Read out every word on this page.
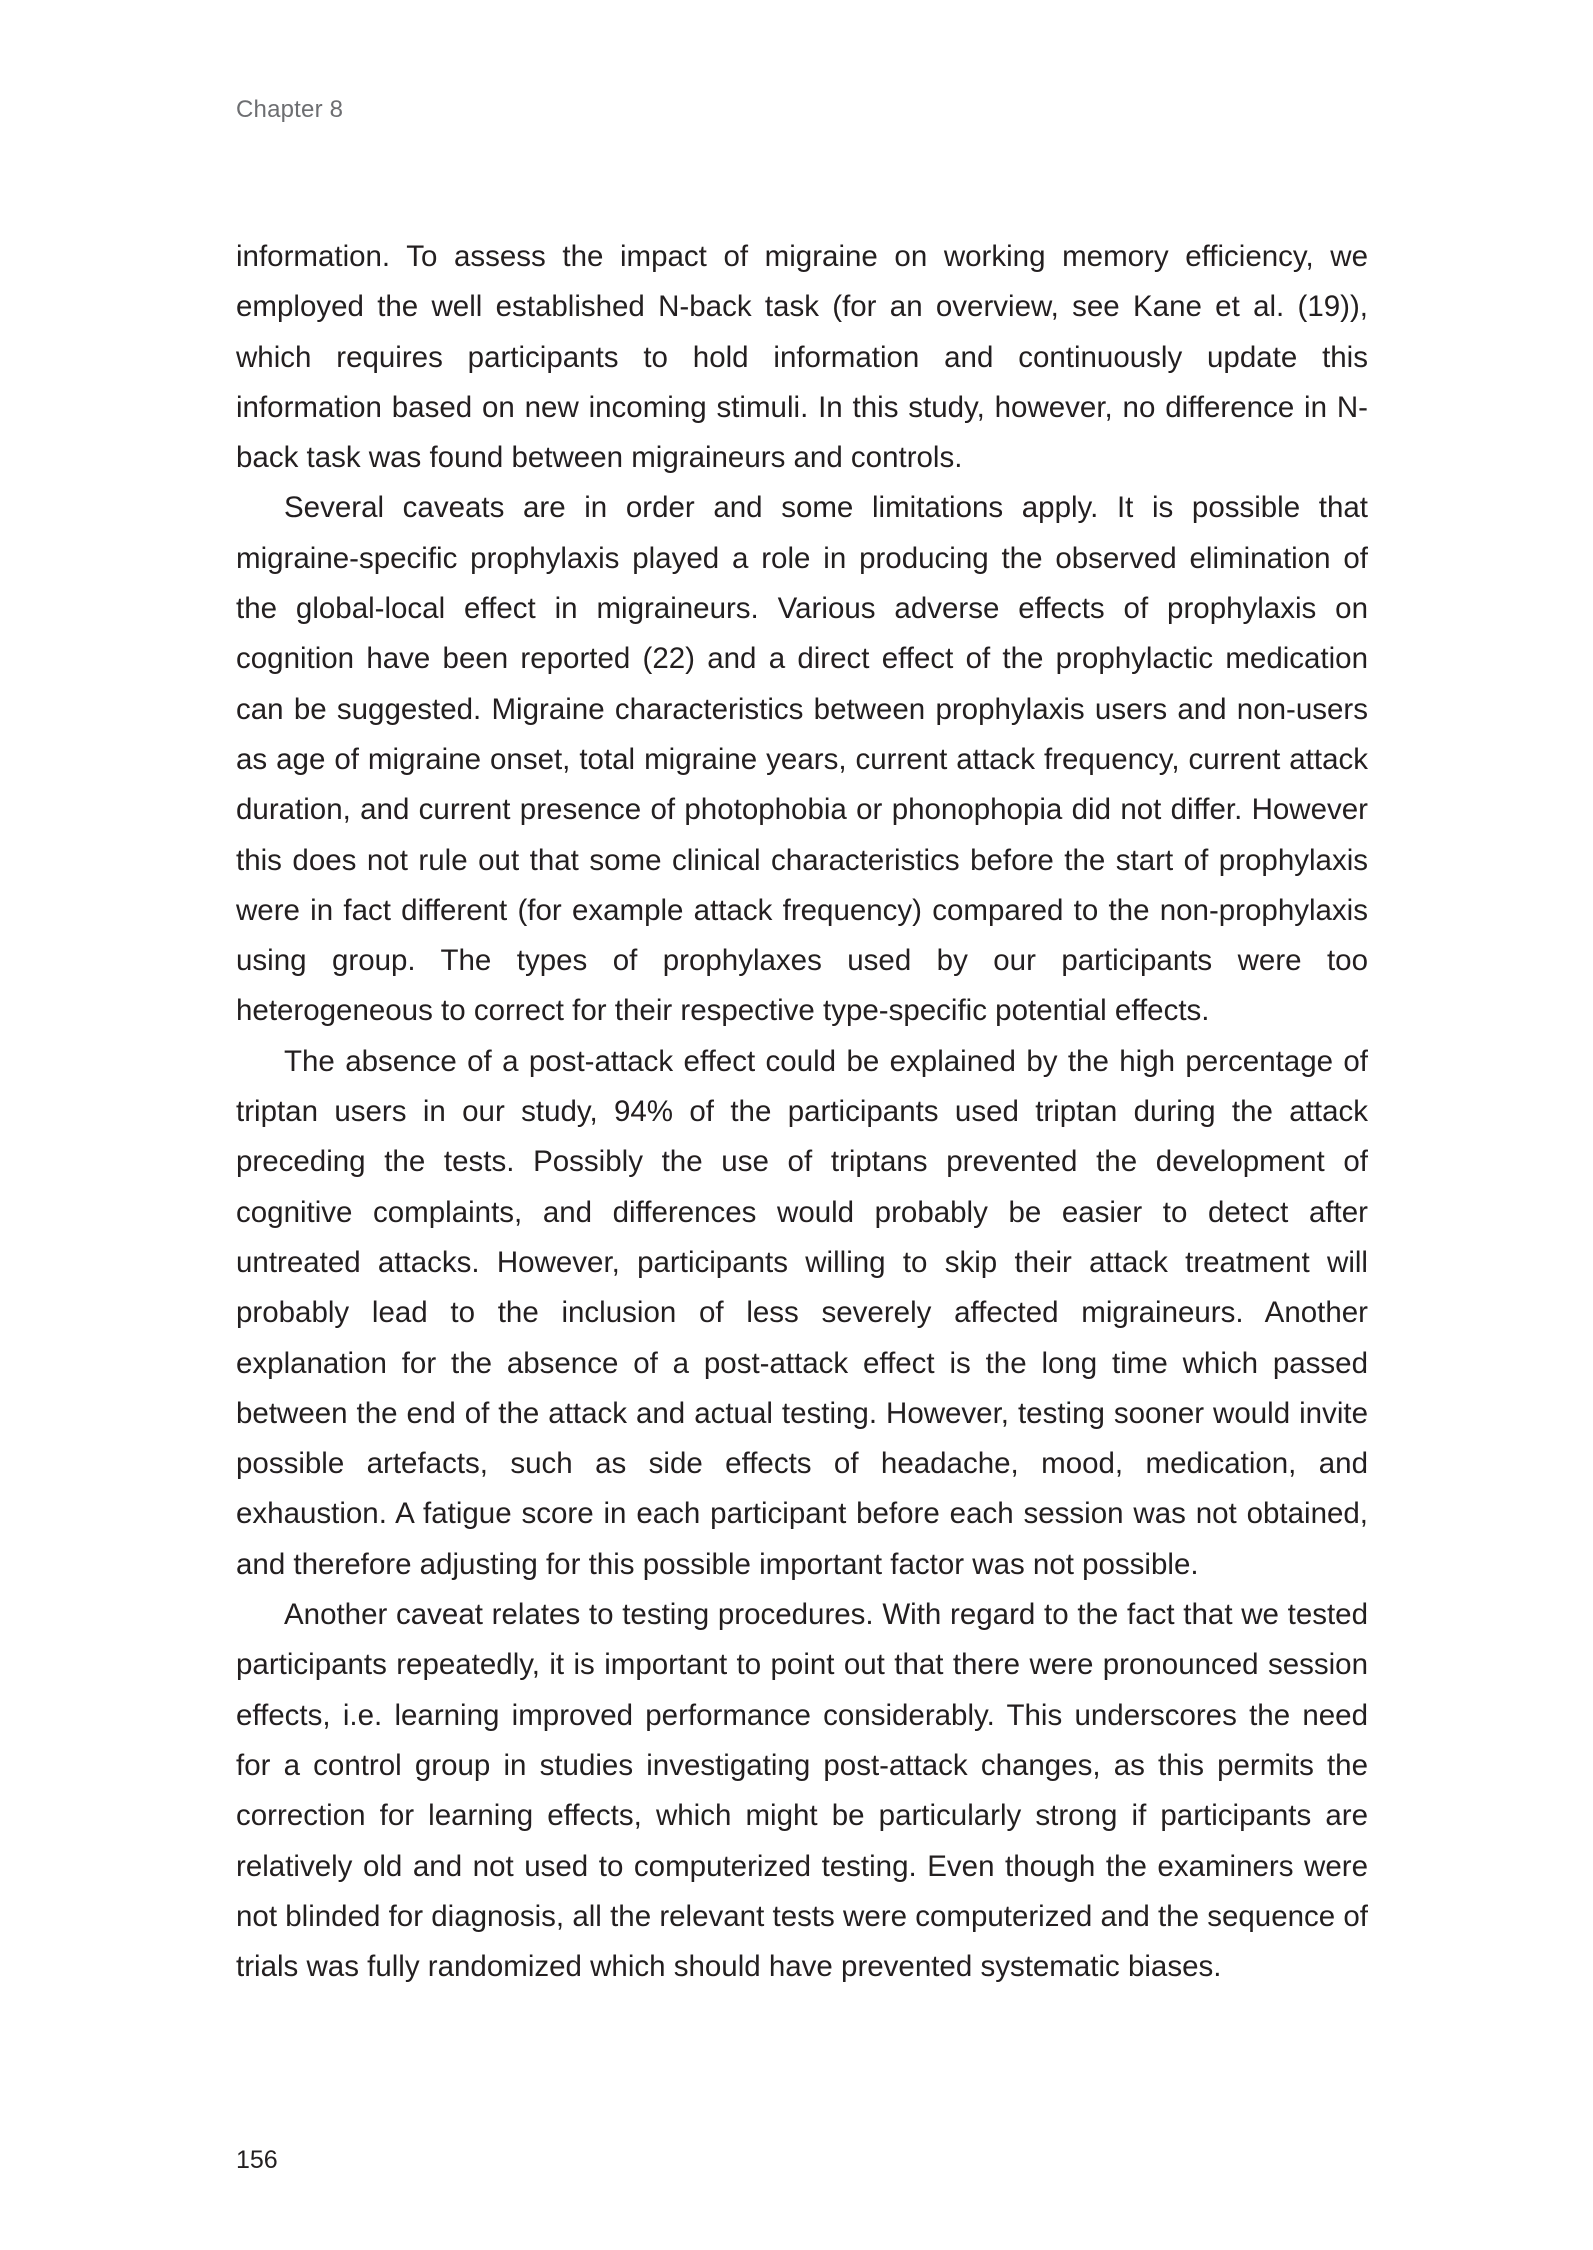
Chapter 8

information. To assess the impact of migraine on working memory efficiency, we employed the well established N-back task (for an overview, see Kane et al. (19)), which requires participants to hold information and continuously update this information based on new incoming stimuli. In this study, however, no difference in N-back task was found between migraineurs and controls.

Several caveats are in order and some limitations apply. It is possible that migraine-specific prophylaxis played a role in producing the observed elimination of the global-local effect in migraineurs. Various adverse effects of prophylaxis on cognition have been reported (22) and a direct effect of the prophylactic medication can be suggested. Migraine characteristics between prophylaxis users and non-users as age of migraine onset, total migraine years, current attack frequency, current attack duration, and current presence of photophobia or phonophopia did not differ. However this does not rule out that some clinical characteristics before the start of prophylaxis were in fact different (for example attack frequency) compared to the non-prophylaxis using group. The types of prophylaxes used by our participants were too heterogeneous to correct for their respective type-specific potential effects.

The absence of a post-attack effect could be explained by the high percentage of triptan users in our study, 94% of the participants used triptan during the attack preceding the tests. Possibly the use of triptans prevented the development of cognitive complaints, and differences would probably be easier to detect after untreated attacks. However, participants willing to skip their attack treatment will probably lead to the inclusion of less severely affected migraineurs. Another explanation for the absence of a post-attack effect is the long time which passed between the end of the attack and actual testing. However, testing sooner would invite possible artefacts, such as side effects of headache, mood, medication, and exhaustion. A fatigue score in each participant before each session was not obtained, and therefore adjusting for this possible important factor was not possible.

Another caveat relates to testing procedures. With regard to the fact that we tested participants repeatedly, it is important to point out that there were pronounced session effects, i.e. learning improved performance considerably. This underscores the need for a control group in studies investigating post-attack changes, as this permits the correction for learning effects, which might be particularly strong if participants are relatively old and not used to computerized testing. Even though the examiners were not blinded for diagnosis, all the relevant tests were computerized and the sequence of trials was fully randomized which should have prevented systematic biases.

156
